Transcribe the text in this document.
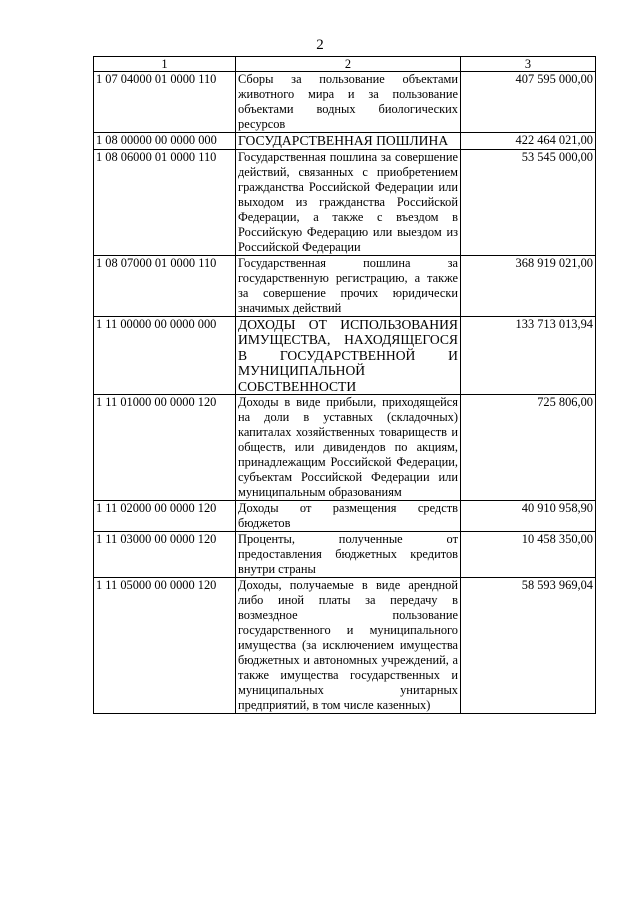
2
1	2	3
1 07 04000 01 0000 110	Сборы за пользование объектами животного мира и за пользование объектами водных биологических ресурсов	407 595 000,00
1 08 00000 00 0000 000	ГОСУДАРСТВЕННАЯ ПОШЛИНА	422 464 021,00
1 08 06000 01 0000 110	Государственная пошлина за совершение действий, связанных с приобретением гражданства Российской Федерации или выходом из гражданства Российской Федерации, а также с въездом в Российскую Федерацию или выездом из Российской Федерации	53 545 000,00
1 08 07000 01 0000 110	Государственная пошлина за государственную регистрацию, а также за совершение прочих юридически значимых действий	368 919 021,00
1 11 00000 00 0000 000	ДОХОДЫ ОТ ИСПОЛЬЗОВАНИЯ ИМУЩЕСТВА, НАХОДЯЩЕГОСЯ В ГОСУДАРСТВЕННОЙ И МУНИЦИПАЛЬНОЙ СОБСТВЕННОСТИ	133 713 013,94
1 11 01000 00 0000 120	Доходы в виде прибыли, приходящейся на доли в уставных (складочных) капиталах хозяйственных товариществ и обществ, или дивидендов по акциям, принадлежащим Российской Федерации, субъектам Российской Федерации или муниципальным образованиям	725 806,00
1 11 02000 00 0000 120	Доходы от размещения средств бюджетов	40 910 958,90
1 11 03000 00 0000 120	Проценты, полученные от предоставления бюджетных кредитов внутри страны	10 458 350,00
1 11 05000 00 0000 120	Доходы, получаемые в виде арендной либо иной платы за передачу в возмездное пользование государственного и муниципального имущества (за исключением имущества бюджетных и автономных учреждений, а также имущества государственных и муниципальных унитарных предприятий, в том числе казенных)	58 593 969,04
